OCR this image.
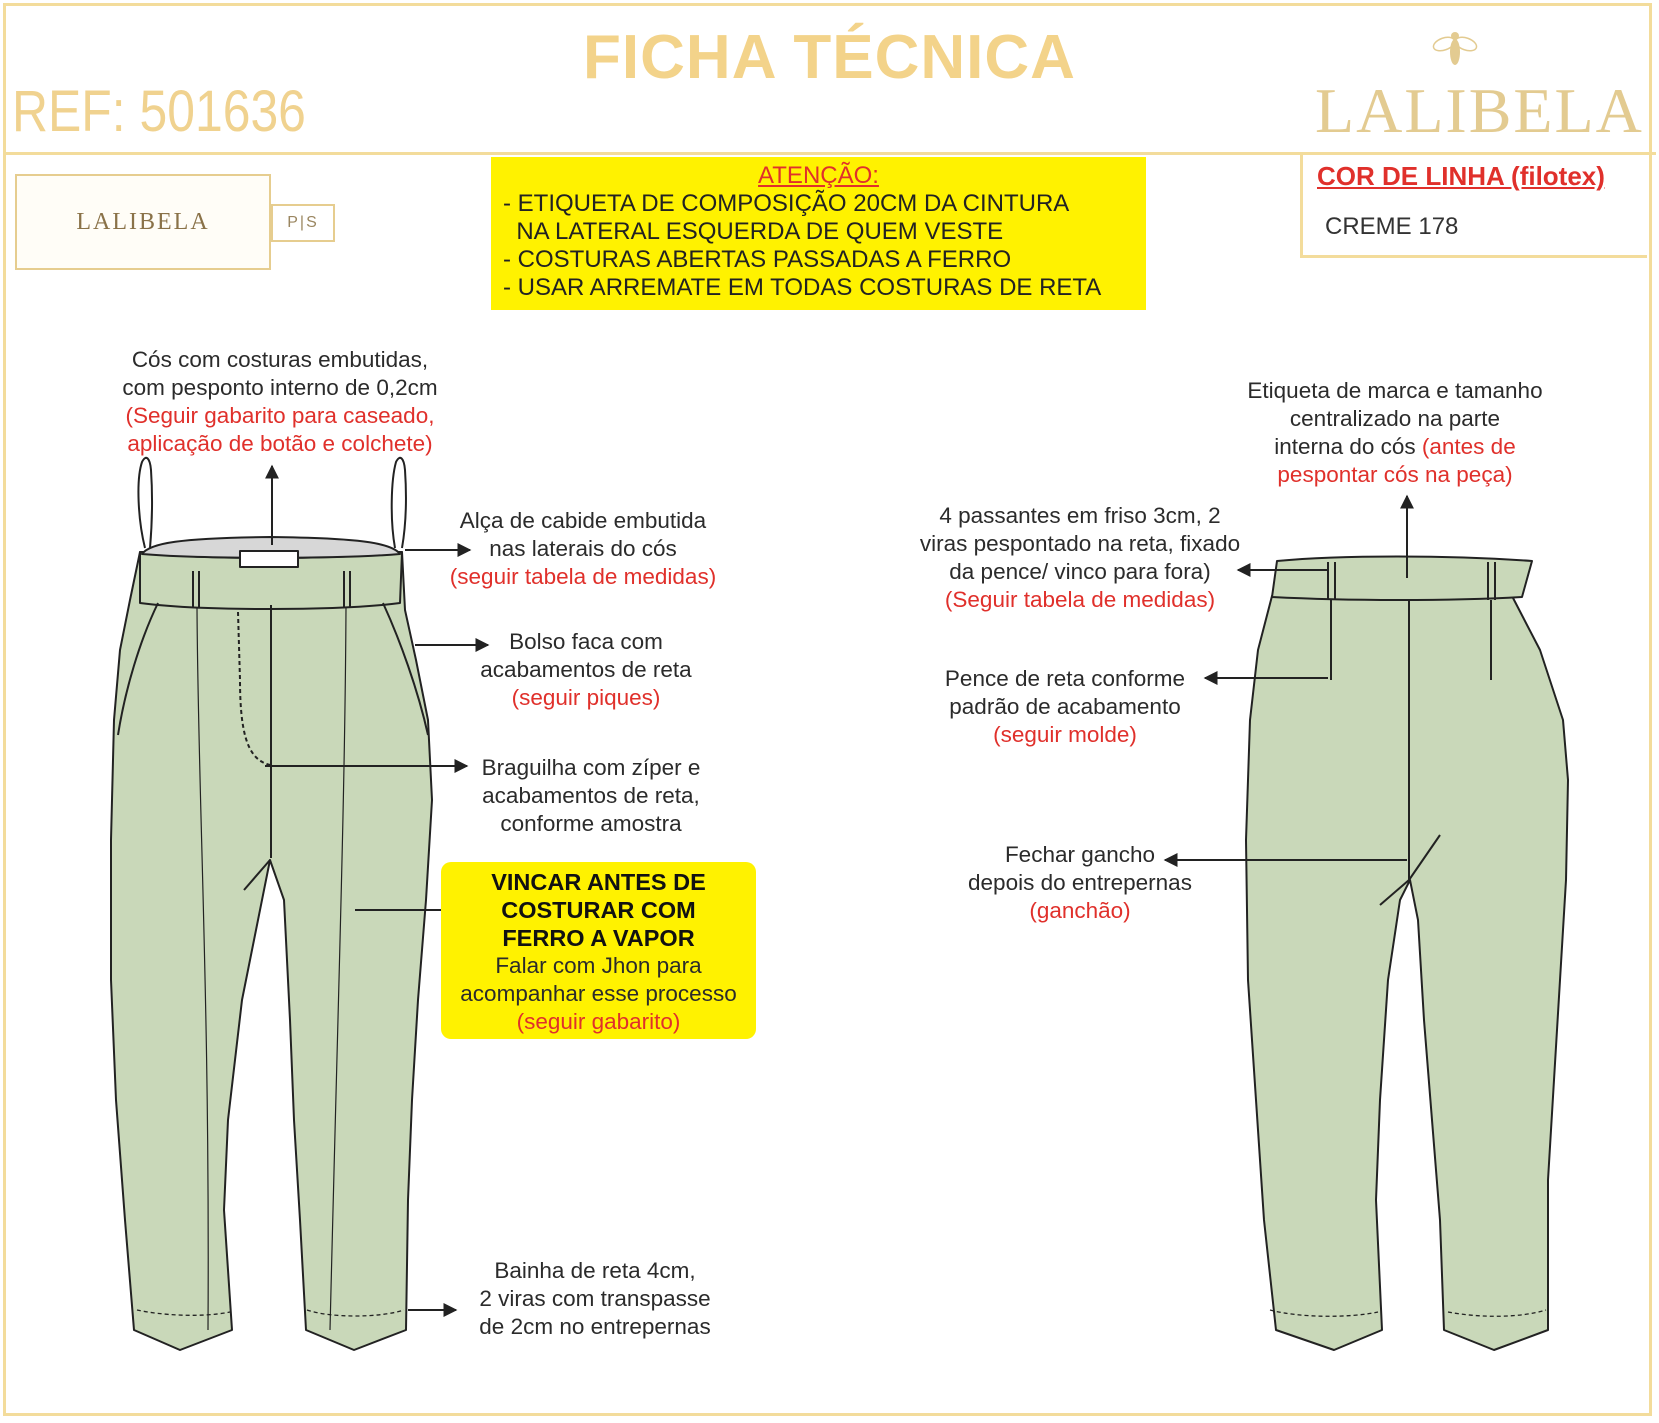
FICHA TÉCNICA
REF: 501636	LALIBELA
LALIBELA	P|S
ATENÇÃO:
- ETIQUETA DE COMPOSIÇÃO 20CM DA CINTURA
NA LATERAL ESQUERDA DE QUEM VESTE
- COSTURAS ABERTAS PASSADAS A FERRO
- USAR ARREMATE EM TODAS COSTURAS DE RETA
COR DE LINHA (filotex)
CREME 178
Cós com costuras embutidas,
com pesponto interno de 0,2cm
(Seguir gabarito para caseado,
aplicação de botão e colchete)
Alça de cabide embutida
nas laterais do cós
(seguir tabela de medidas)
Bolso faca com
acabamentos de reta
(seguir piques)
Braguilha com zíper e
acabamentos de reta,
conforme amostra
VINCAR ANTES DE
COSTURAR COM
FERRO A VAPOR
Falar com Jhon para
acompanhar esse processo
(seguir gabarito)
Bainha de reta 4cm,
2 viras com transpasse
de 2cm no entrepernas
Etiqueta de marca e tamanho
centralizado na parte
interna do cós (antes de
pespontar cós na peça)
4 passantes em friso 3cm, 2
viras pespontado na reta, fixado
da pence/ vinco para fora)
(Seguir tabela de medidas)
Pence de reta conforme
padrão de acabamento
(seguir molde)
Fechar gancho
depois do entrepernas
(ganchão)
